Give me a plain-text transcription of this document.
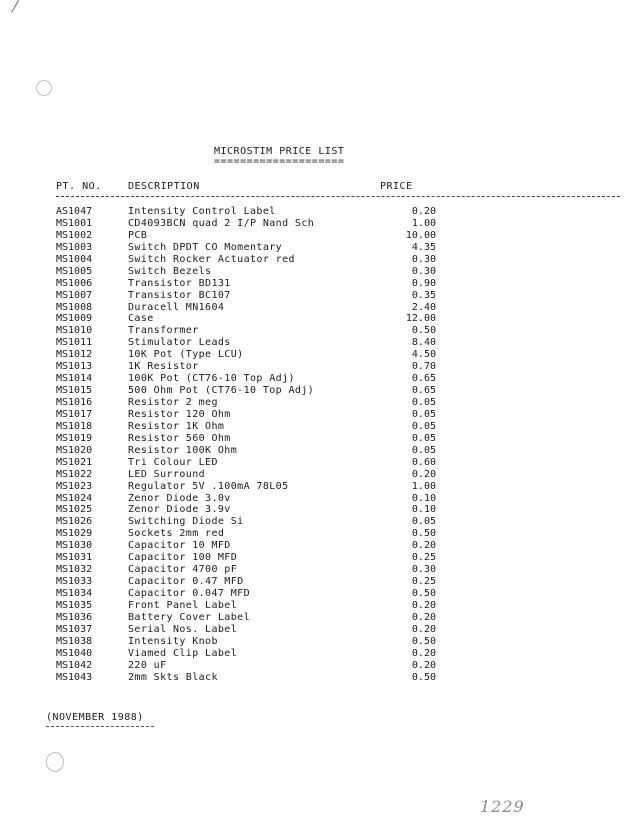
MICROSTIM PRICE LIST
====================
PT. NO.	DESCRIPTION	PRICE
AS1047	Intensity Control Label	0.20
MS1001	CD4093BCN quad 2 I/P Nand Sch	1.00
MS1002	PCB	10.00
MS1003	Switch DPDT CO Momentary	4.35
MS1004	Switch Rocker Actuator red	0.30
MS1005	Switch Bezels	0.30
MS1006	Transistor BD131	0.90
MS1007	Transistor BC107	0.35
MS1008	Duracell MN1604	2.40
MS1009	Case	12.00
MS1010	Transformer	0.50
MS1011	Stimulator Leads	8.40
MS1012	10K Pot (Type LCU)	4.50
MS1013	1K Resistor	0.70
MS1014	100K Pot (CT76-10 Top Adj)	0.65
MS1015	500 Ohm Pot (CT76-10 Top Adj)	0.65
MS1016	Resistor 2 meg	0.05
MS1017	Resistor 120 Ohm	0.05
MS1018	Resistor 1K Ohm	0.05
MS1019	Resistor 560 Ohm	0.05
MS1020	Resistor 100K Ohm	0.05
MS1021	Tri Colour LED	0.60
MS1022	LED Surround	0.20
MS1023	Regulator 5V .100mA 78L05	1.00
MS1024	Zenor Diode 3.0v	0.10
MS1025	Zenor Diode 3.9v	0.10
MS1026	Switching Diode Si	0.05
MS1029	Sockets 2mm red	0.50
MS1030	Capacitor 10 MFD	0.20
MS1031	Capacitor 100 MFD	0.25
MS1032	Capacitor 4700 pF	0.30
MS1033	Capacitor 0.47 MFD	0.25
MS1034	Capacitor 0.047 MFD	0.50
MS1035	Front Panel Label	0.20
MS1036	Battery Cover Label	0.20
MS1037	Serial Nos. Label	0.20
MS1038	Intensity Knob	0.50
MS1040	Viamed Clip Label	0.20
MS1042	220 uF	0.20
MS1043	2mm Skts Black	0.50
(NOVEMBER 1988)
1229
